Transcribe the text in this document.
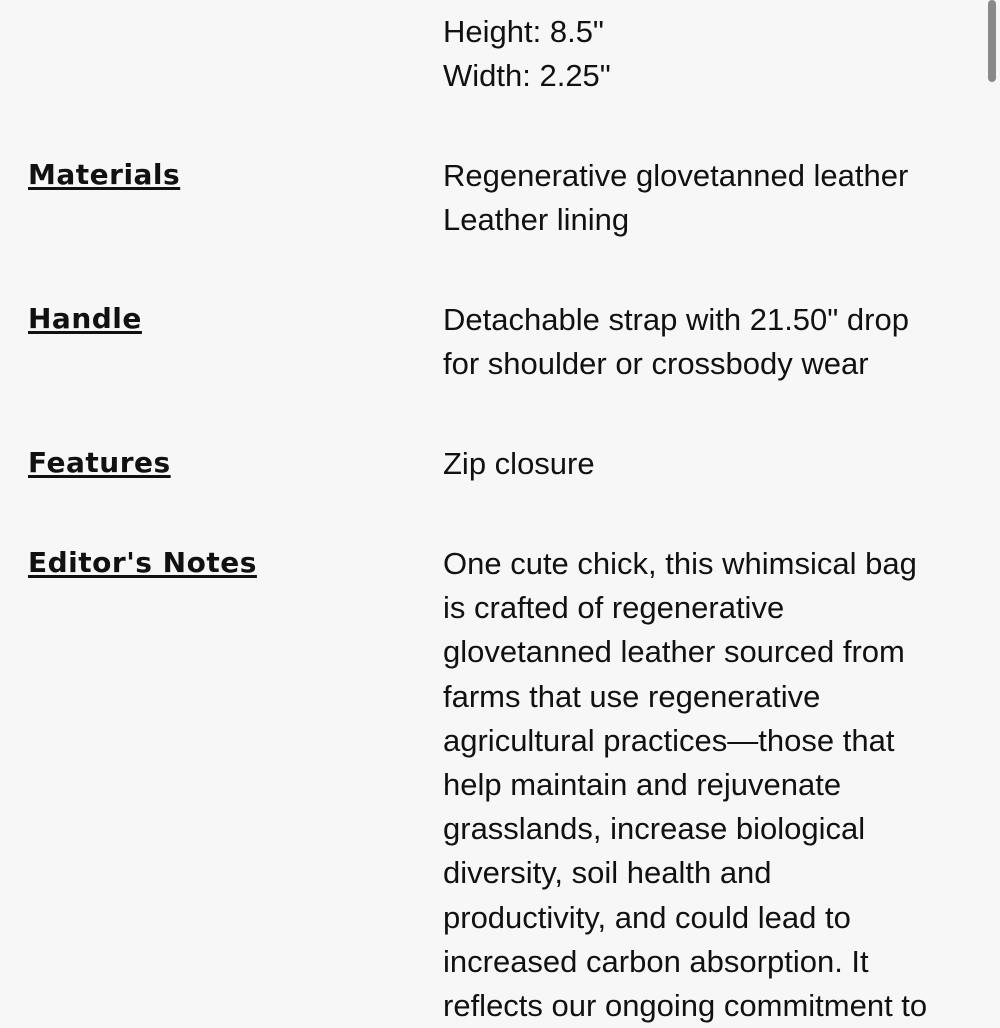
Height: 8.5"
Width: 2.25"
Materials	Regenerative glovetanned leather
Leather lining
Handle	Detachable strap with 21.50" drop
for shoulder or crossbody wear
Features	Zip closure
Editor's Notes	One cute chick, this whimsical bag
is crafted of regenerative
glovetanned leather sourced from
farms that use regenerative
agricultural practices—those that
help maintain and rejuvenate
grasslands, increase biological
diversity, soil health and
productivity, and could lead to
increased carbon absorption. It
reflects our ongoing commitment to
